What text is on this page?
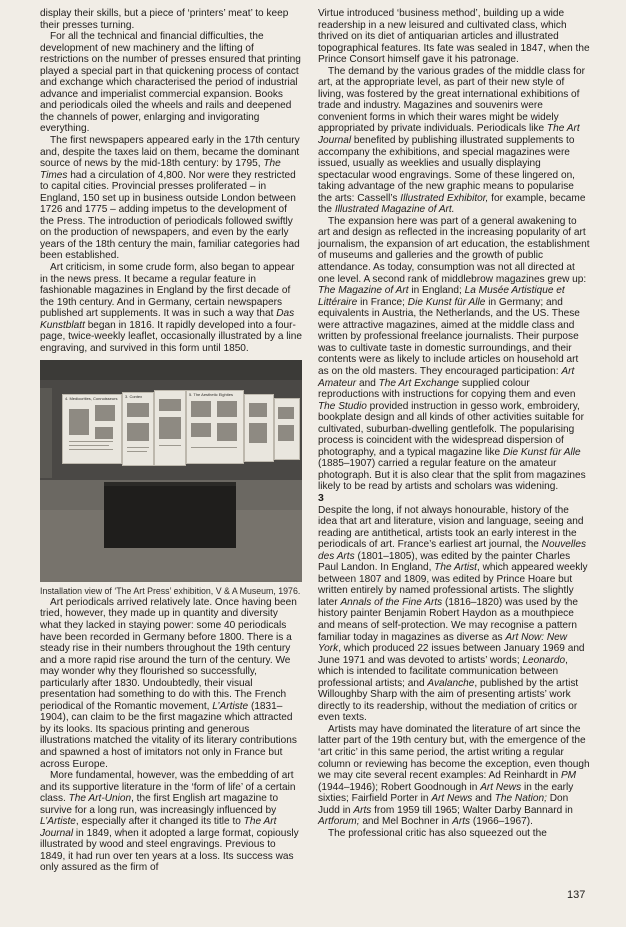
display their skills, but a piece of ‘printers’ meat’ to keep their presses turning.

For all the technical and financial difficulties, the development of new machinery and the lifting of restrictions on the number of presses ensured that printing played a special part in that quickening process of contact and exchange which characterised the period of industrial advance and imperialist commercial expansion. Books and periodicals oiled the wheels and rails and deepened the channels of power, enlarging and invigorating everything.

The first newspapers appeared early in the 17th century and, despite the taxes laid on them, became the dominant source of news by the mid-18th century: by 1795, The Times had a circulation of 4,800. Nor were they restricted to capital cities. Provincial presses proliferated – in England, 150 set up in business outside London between 1726 and 1775 – adding impetus to the development of the Press. The introduction of periodicals followed swiftly on the production of newspapers, and even by the early years of the 18th century the main, familiar categories had been established.

Art criticism, in some crude form, also began to appear in the news press. It became a regular feature in fashionable magazines in England by the first decade of the 19th century. And in Germany, certain newspapers published art supplements. It was in such a way that Das Kunstblatt began in 1816. It rapidly developed into a four-page, twice-weekly leaflet, occasionally illustrated by a line engraving, and survived in this form until 1850.

4. Mediocrities, Connoisseurs 3. Contex	5. The Aesthetic Eighties

Installation view of ‘The Art Press’ exhibition, V & A Museum, 1976.

Art periodicals arrived relatively late. Once having been tried, however, they made up in quantity and diversity what they lacked in staying power: some 40 periodicals have been recorded in Germany before 1800. There is a steady rise in their numbers throughout the 19th century and a more rapid rise around the turn of the century. We may wonder why they flourished so successfully, particularly after 1830. Undoubtedly, their visual presentation had something to do with this. The French periodical of the Romantic movement, L’Artiste (1831–1904), can claim to be the first magazine which attracted by its looks. Its spacious printing and generous illustrations matched the vitality of its literary contributions and spawned a host of imitators not only in France but across Europe.

More fundamental, however, was the embedding of art and its supportive literature in the ‘form of life’ of a certain class. The Art-Union, the first English art magazine to survive for a long run, was increasingly influenced by L’Artiste, especially after it changed its title to The Art Journal in 1849, when it adopted a large format, copiously illustrated by wood and steel engravings. Previous to 1849, it had run over ten years at a loss. Its success was only assured as the firm of

Virtue introduced ‘business method’, building up a wide readership in a new leisured and cultivated class, which thrived on its diet of antiquarian articles and illustrated topographical features. Its fate was sealed in 1847, when the Prince Consort himself gave it his patronage.

The demand by the various grades of the middle class for art, at the appropriate level, as part of their new style of living, was fostered by the great international exhibitions of trade and industry. Magazines and souvenirs were convenient forms in which their wares might be widely appropriated by private individuals. Periodicals like The Art Journal benefited by publishing illustrated supplements to accompany the exhibitions, and special magazines were issued, usually as weeklies and usually displaying spectacular wood engravings. Some of these lingered on, taking advantage of the new graphic means to popularise the arts: Cassell’s Illustrated Exhibitor, for example, became the Illustrated Magazine of Art.

The expansion here was part of a general awakening to art and design as reflected in the increasing popularity of art journalism, the expansion of art education, the establishment of museums and galleries and the growth of public attendance. As today, consumption was not all directed at one level. A second rank of middlebrow magazines grew up: The Magazine of Art in England; La Musée Artistique et Littéraire in France; Die Kunst für Alle in Germany; and equivalents in Austria, the Netherlands, and the US. These were attractive magazines, aimed at the middle class and written by professional freelance journalists. Their purpose was to cultivate taste in domestic surroundings, and their contents were as likely to include articles on household art as on the old masters. They encouraged participation: Art Amateur and The Art Exchange supplied colour reproductions with instructions for copying them and even The Studio provided instruction in gesso work, embroidery, bookplate design and all kinds of other activities suitable for cultivated, suburban-dwelling gentlefolk. The popularising process is coincident with the widespread dispersion of photography, and a typical magazine like Die Kunst für Alle (1885–1907) carried a regular feature on the amateur photograph. But it is also clear that the split from magazines likely to be read by artists and scholars was widening.

3

Despite the long, if not always honourable, history of the idea that art and literature, vision and language, seeing and reading are antithetical, artists took an early interest in the periodicals of art. France’s earliest art journal, the Nouvelles des Arts (1801–1805), was edited by the painter Charles Paul Landon. In England, The Artist, which appeared weekly between 1807 and 1809, was edited by Prince Hoare but written entirely by named professional artists. The slightly later Annals of the Fine Arts (1816–1820) was used by the history painter Benjamin Robert Haydon as a mouthpiece and means of self-protection. We may recognise a pattern familiar today in magazines as diverse as Art Now: New York, which produced 22 issues between January 1969 and June 1971 and was devoted to artists’ words; Leonardo, which is intended to facilitate communication between professional artists; and Avalanche, published by the artist Willoughby Sharp with the aim of presenting artists’ work directly to its readership, without the mediation of critics or even texts.

Artists may have dominated the literature of art since the latter part of the 19th century but, with the emergence of the ‘art critic’ in this same period, the artist writing a regular column or reviewing has become the exception, even though we may cite several recent examples: Ad Reinhardt in PM (1944–1946); Robert Goodnough in Art News in the early sixties; Fairfield Porter in Art News and The Nation; Don Judd in Arts from 1959 till 1965; Walter Darby Bannard in Artforum; and Mel Bochner in Arts (1966–1967).

The professional critic has also squeezed out the

137
